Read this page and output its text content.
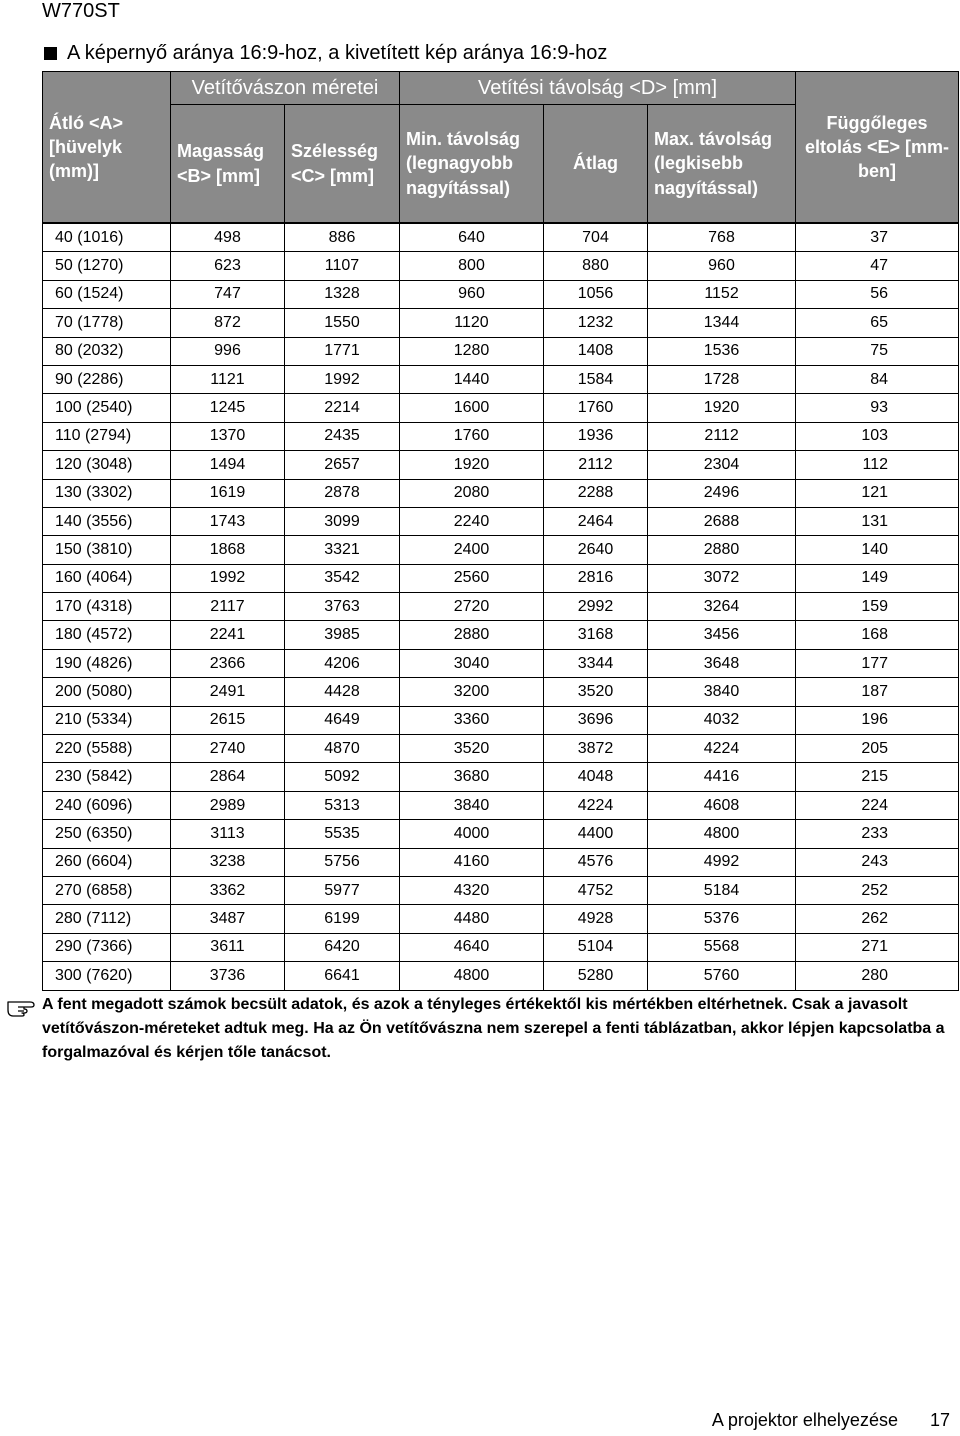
W770ST
A képernyő aránya 16:9-hoz, a kivetített kép aránya 16:9-hoz
Átló <A> [hüvelyk (mm)]	Vetítővászon méretei		Vetítési távolság <D> [mm]			Függőleges eltolás <E> [mm-ben]
	Magasság <B> [mm]	Szélesség <C> [mm]	Min. távolság (legnagyobb nagyítással)	Átlag	Max. távolság (legkisebb nagyítással)	
40 (1016)	498	886	640	704	768	37
50 (1270)	623	1107	800	880	960	47
60 (1524)	747	1328	960	1056	1152	56
70 (1778)	872	1550	1120	1232	1344	65
80 (2032)	996	1771	1280	1408	1536	75
90 (2286)	1121	1992	1440	1584	1728	84
100 (2540)	1245	2214	1600	1760	1920	93
110 (2794)	1370	2435	1760	1936	2112	103
120 (3048)	1494	2657	1920	2112	2304	112
130 (3302)	1619	2878	2080	2288	2496	121
140 (3556)	1743	3099	2240	2464	2688	131
150 (3810)	1868	3321	2400	2640	2880	140
160 (4064)	1992	3542	2560	2816	3072	149
170 (4318)	2117	3763	2720	2992	3264	159
180 (4572)	2241	3985	2880	3168	3456	168
190 (4826)	2366	4206	3040	3344	3648	177
200 (5080)	2491	4428	3200	3520	3840	187
210 (5334)	2615	4649	3360	3696	4032	196
220 (5588)	2740	4870	3520	3872	4224	205
230 (5842)	2864	5092	3680	4048	4416	215
240 (6096)	2989	5313	3840	4224	4608	224
250 (6350)	3113	5535	4000	4400	4800	233
260 (6604)	3238	5756	4160	4576	4992	243
270 (6858)	3362	5977	4320	4752	5184	252
280 (7112)	3487	6199	4480	4928	5376	262
290 (7366)	3611	6420	4640	5104	5568	271
300 (7620)	3736	6641	4800	5280	5760	280
A fent megadott számok becsült adatok, és azok a tényleges értékektől kis mértékben eltérhetnek. Csak a javasolt vetítővászon-méreteket adtuk meg. Ha az Ön vetítővászna nem szerepel a fenti táblázatban, akkor lépjen kapcsolatba a forgalmazóval és kérjen tőle tanácsot.
A projektor elhelyezése 17
